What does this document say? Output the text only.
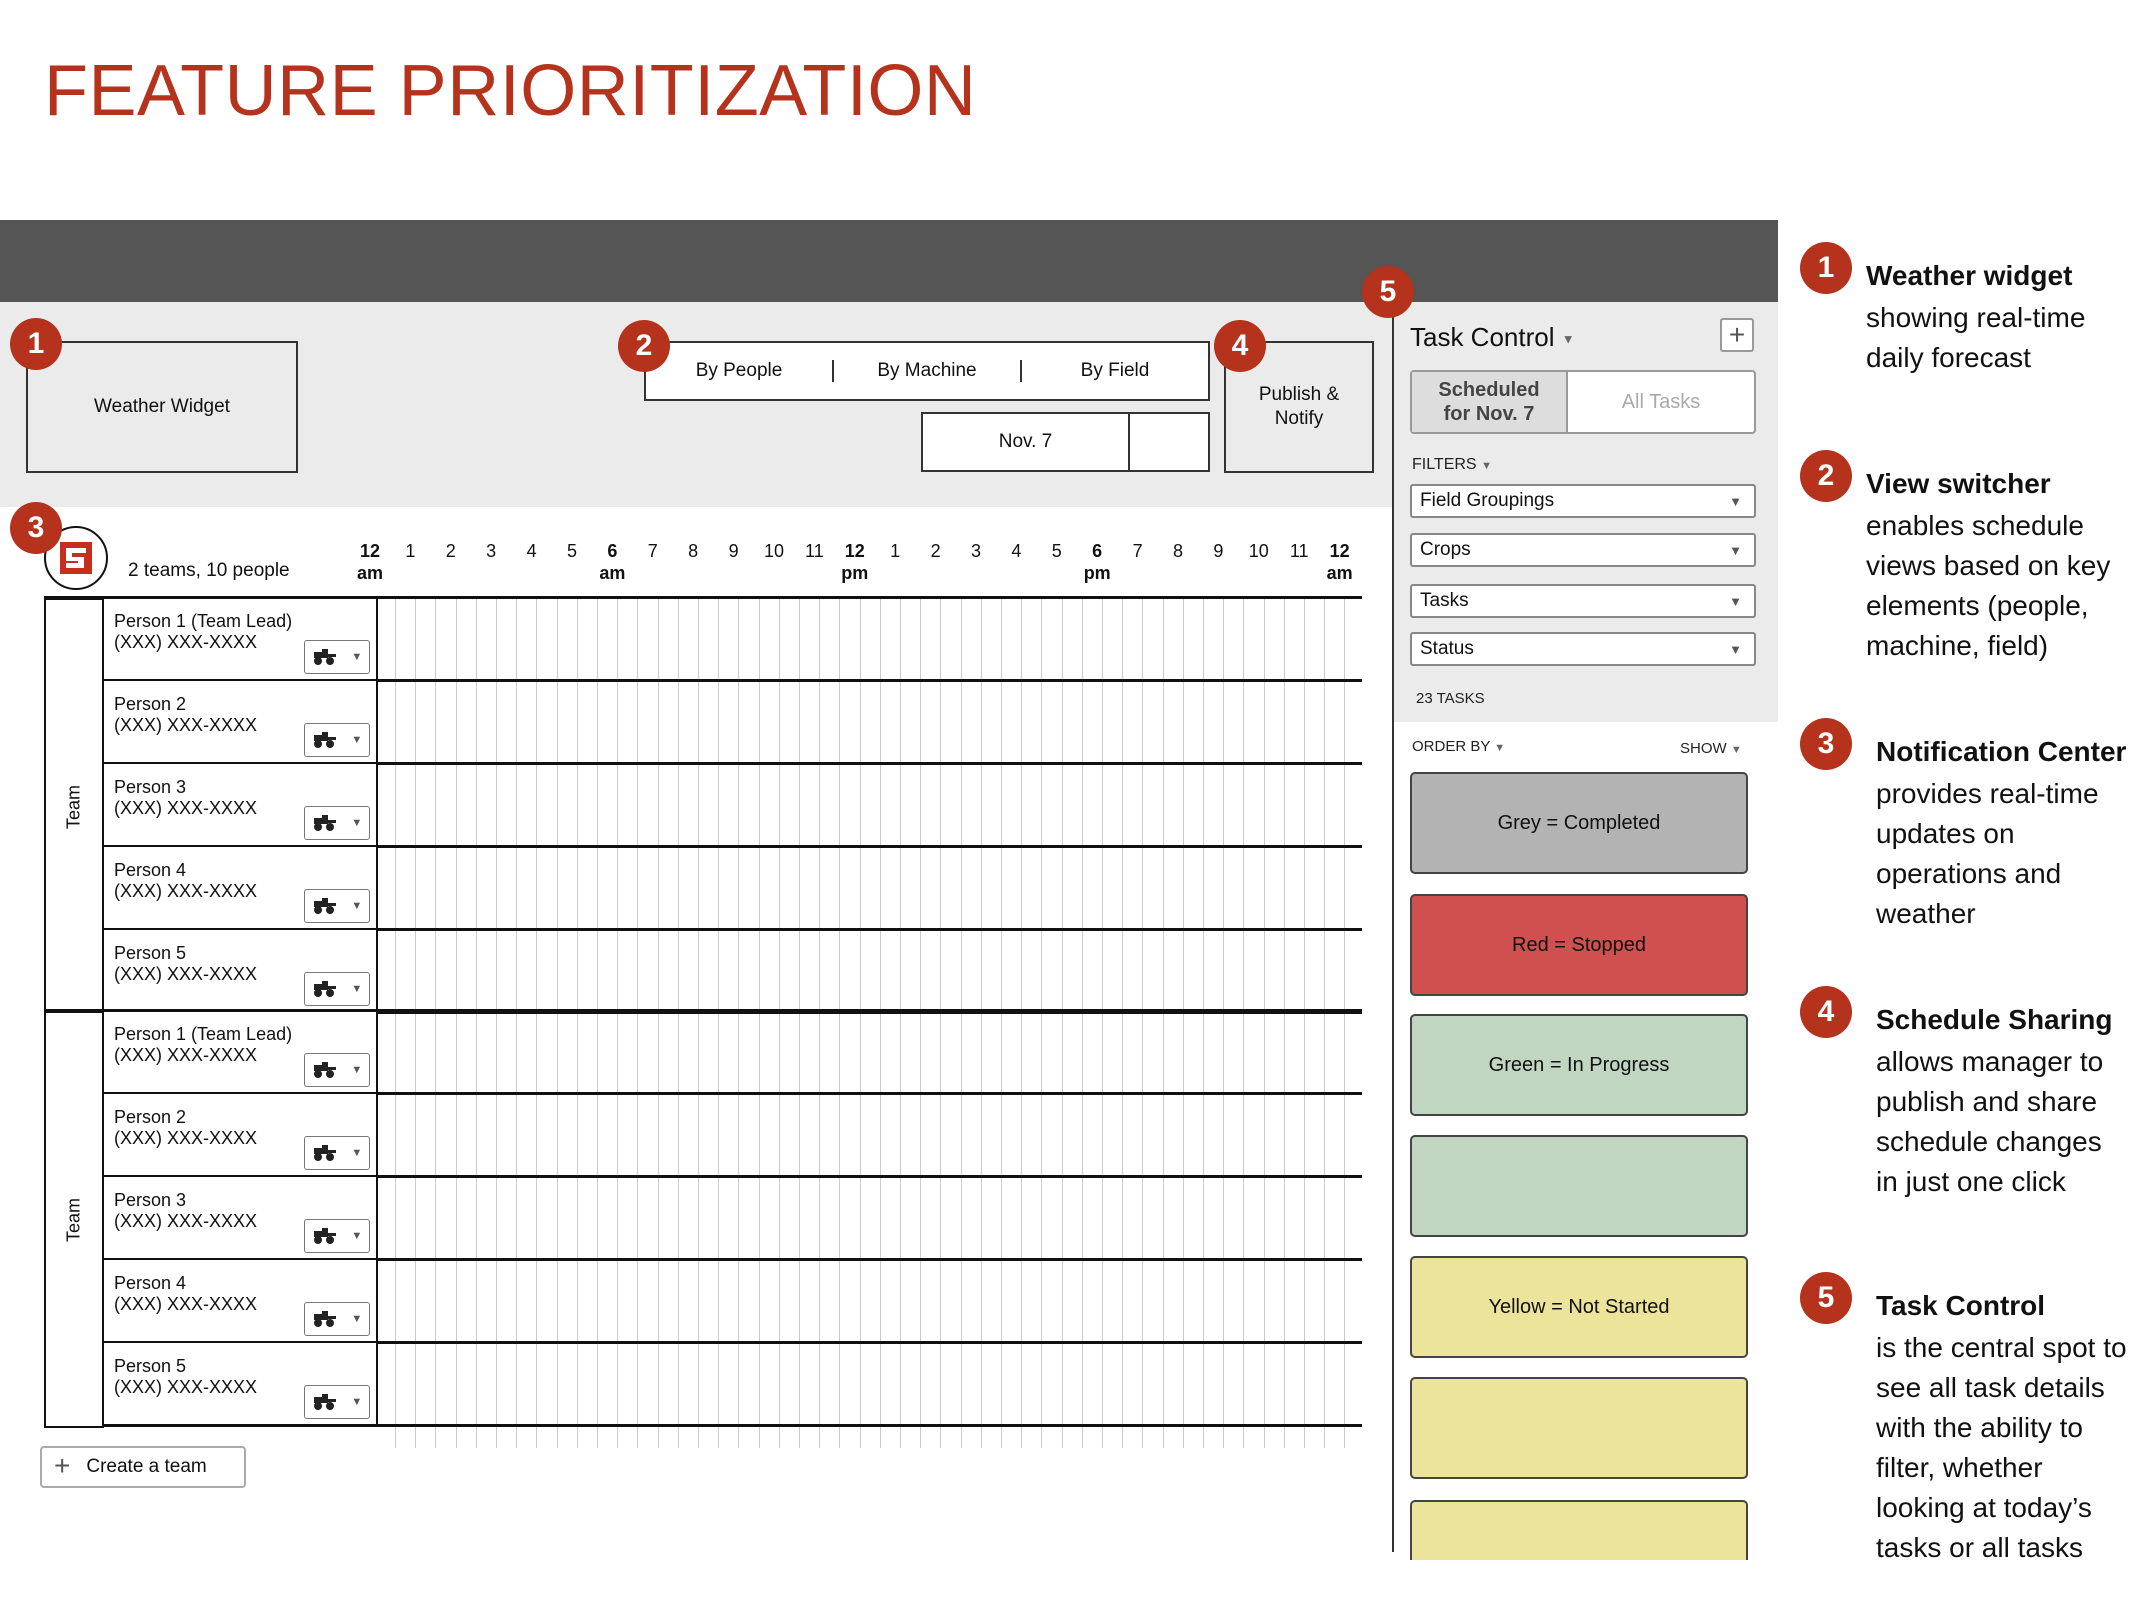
FEATURE PRIORITIZATION
Weather Widget
1
By People	By Machine	By Field
2
Nov. 7
Publish & Notify
4
3
2 teams, 10 people
12
am
1 2 3 4 5	6
am
7 8 9 10 11 12
pm
1 2 3 4 5	6
pm
7 8 9 10 11 12
am
Team
Person 1 (Team Lead)
(XXX) XXX-XXXX
▼
Person 2
(XXX) XXX-XXXX
▼
Person 3
(XXX) XXX-XXXX
▼
Person 4
(XXX) XXX-XXXX
▼
Person 5
(XXX) XXX-XXXX
▼
Team
Person 1 (Team Lead)
(XXX) XXX-XXXX
▼
Person 2
(XXX) XXX-XXXX
▼
Person 3
(XXX) XXX-XXXX
▼
Person 4
(XXX) XXX-XXXX
▼
Person 5
(XXX) XXX-XXXX
▼
+ Create a team
5
Task Control ▼	+
Scheduled for Nov. 7
All Tasks
FILTERS ▼
Field Groupings	▼
Crops	▼
Tasks	▼
Status	▼
23 TASKS
ORDER BY ▼	SHOW ▼
Grey = Completed
Red = Stopped
Green = In Progress
Yellow = Not Started
1	Weather widget
showing real-time daily forecast
2	View switcher
enables schedule views based on key elements (people, machine, field)
3	Notification Center
provides real-time updates on operations and weather
4	Schedule Sharing
allows manager to publish and share schedule changes in just one click
5	Task Control
is the central spot to see all task details with the ability to filter, whether looking at today’s tasks or all tasks
